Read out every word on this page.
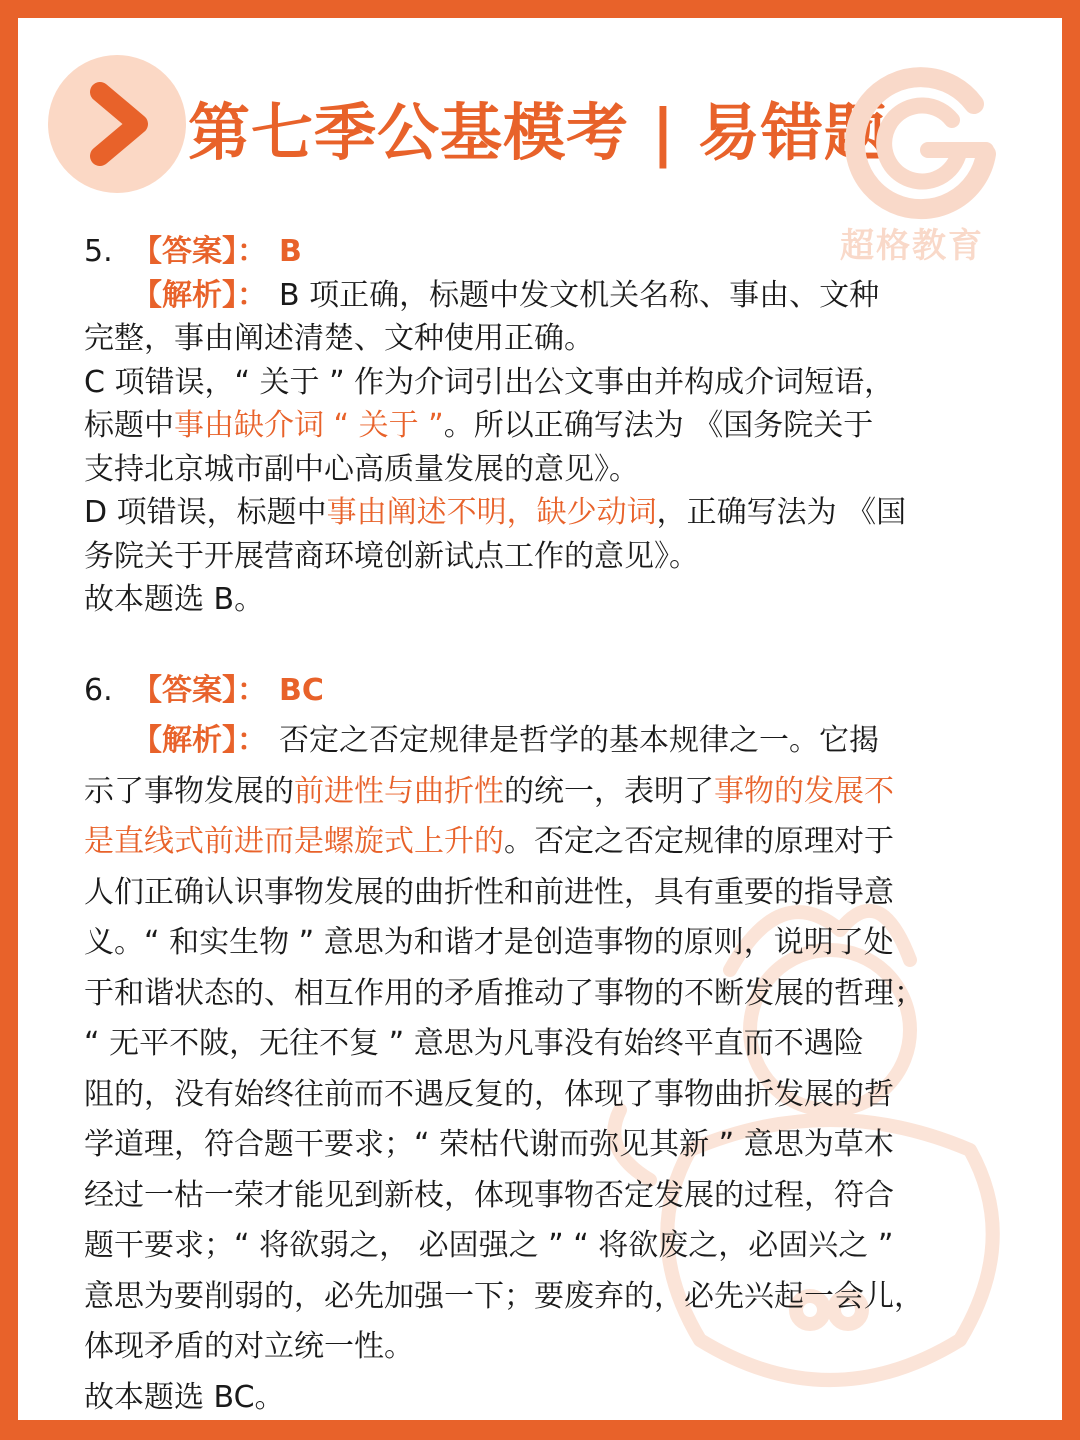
第七季公基模考 | 易错题
超格教育

5. 【答案】： B

【解析】： B 项正确，标题中发文机关名称、事由、文种

完整，事由阐述清楚、文种使用正确。

C 项错误，“ 关于 ” 作为介词引出公文事由并构成介词短语，

标题中事由缺介词 “ 关于 ”。所以正确写法为 《国务院关于

支持北京城市副中心高质量发展的意见》。

D 项错误，标题中事由阐述不明，缺少动词，正确写法为 《国

务院关于开展营商环境创新试点工作的意见》。

故本题选 B。

6. 【答案】： BC

【解析】： 否定之否定规律是哲学的基本规律之一。它揭

示了事物发展的前进性与曲折性的统一，表明了事物的发展不

是直线式前进而是螺旋式上升的。否定之否定规律的原理对于

人们正确认识事物发展的曲折性和前进性，具有重要的指导意

义。“ 和实生物 ” 意思为和谐才是创造事物的原则，说明了处

于和谐状态的、相互作用的矛盾推动了事物的不断发展的哲理；

“ 无平不陂，无往不复 ” 意思为凡事没有始终平直而不遇险

阻的，没有始终往前而不遇反复的，体现了事物曲折发展的哲

学道理，符合题干要求；“ 荣枯代谢而弥见其新 ” 意思为草木

经过一枯一荣才能见到新枝，体现事物否定发展的过程，符合

题干要求；“ 将欲弱之， 必固强之 ” “ 将欲废之，必固兴之 ”

意思为要削弱的，必先加强一下；要废弃的，必先兴起一会儿，

体现矛盾的对立统一性。

故本题选 BC。
